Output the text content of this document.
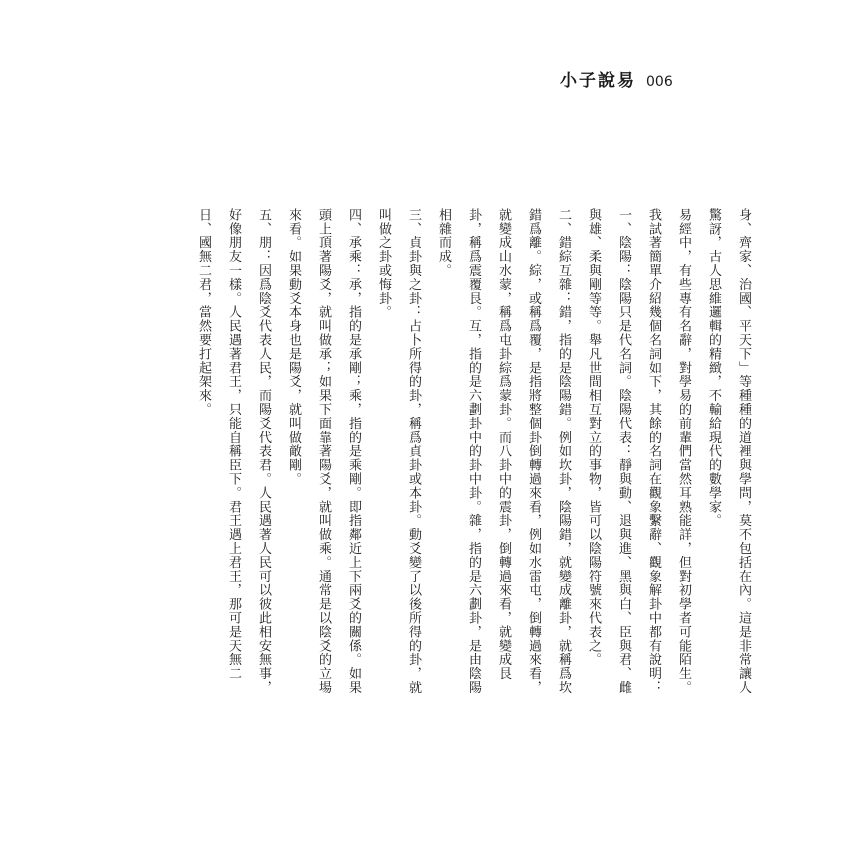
小子說易 006
身、齊家、治國、平天下」等種種的道裡與學問，莫不包括在內。這是非常讓人
驚訝，古人思維邏輯的精緻，不輸給現代的數學家。
易經中，有些專有名辭，對學易的前輩們當然耳熟能詳，但對初學者可能陌生。
我試著簡單介紹幾個名詞如下，其餘的名詞在觀象繫辭、觀象解卦中都有說明：
一、陰陽：陰陽只是代名詞。陰陽代表：靜與動、退與進、黑與白、臣與君、雌
與雄、柔與剛等等。舉凡世間相互對立的事物，皆可以陰陽符號來代表之。
二、錯綜互雜：錯，指的是陰陽錯。例如坎卦，陰陽錯，就變成離卦，就稱爲坎
錯爲離。綜，或稱爲覆，是指將整個卦倒轉過來看，例如水雷屯，倒轉過來看，
就變成山水蒙，稱爲屯卦綜爲蒙卦。而八卦中的震卦，倒轉過來看，就變成艮
卦，稱爲震覆艮。互，指的是六劃卦中的卦中卦。雜，指的是六劃卦，是由陰陽
相雜而成。
三、貞卦與之卦：占卜所得的卦，稱爲貞卦或本卦。動爻變了以後所得的卦，就
叫做之卦或悔卦。
四、承乘：承，指的是承剛；乘，指的是乘剛。即指鄰近上下兩爻的關係。如果
頭上頂著陽爻，就叫做承；如果下面靠著陽爻，就叫做乘。通常是以陰爻的立場
來看。如果動爻本身也是陽爻，就叫做敵剛。
五、朋：因爲陰爻代表人民，而陽爻代表君。人民遇著人民可以彼此相安無事，
好像朋友一樣。人民遇著君王，只能自稱臣下。君王遇上君王，那可是天無二
日、國無二君，當然要打起架來。
